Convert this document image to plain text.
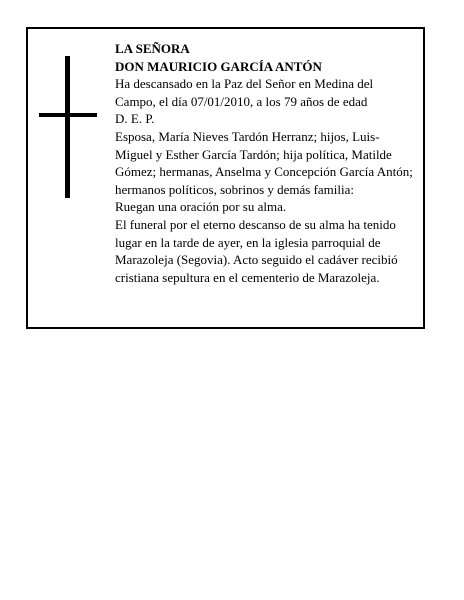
LA SEÑORA

DON MAURICIO GARCÍA ANTÓN

Ha descansado en la Paz del Señor en Medina del Campo, el día 07/01/2010, a los 79 años de edad

D. E. P.

Esposa, María Nieves Tardón Herranz; hijos, Luis-Miguel y Esther García Tardón; hija política, Matilde Gómez; hermanas, Anselma y Concepción García Antón; hermanos políticos, sobrinos y demás familia:

Ruegan una oración por su alma.

El funeral por el eterno descanso de su alma ha tenido lugar en la tarde de ayer, en la iglesia parroquial de Marazoleja (Segovia). Acto seguido el cadáver recibió cristiana sepultura en el cementerio de Marazoleja.
